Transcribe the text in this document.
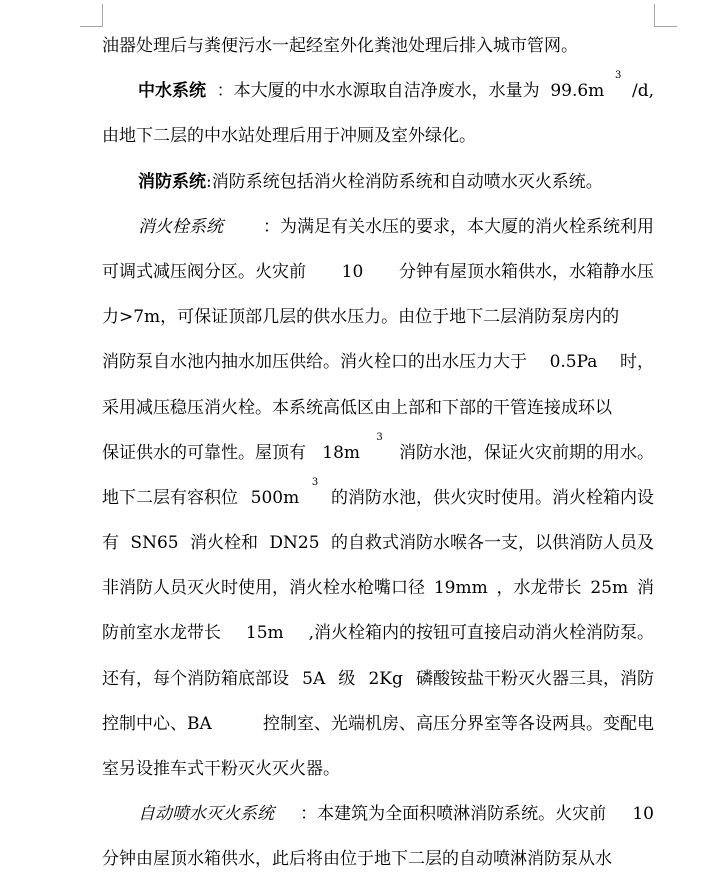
油器处理后与粪便污水一起经室外化粪池处理后排入城市管网。
中水系统 ：本大厦的中水水源取自洁净废水，水量为 99.6m
3
/d,
由地下二层的中水站处理后用于冲厕及室外绿化。
消防系统 :消防系统包括消火栓消防系统和自动喷水灭火系统。
消火栓系统 ：为满足有关水压的要求，本大厦的消火栓系统利用
可调式减压阀分区。火灾前 10 分钟有屋顶水箱供水，水箱静水压
力>7m，可保证顶部几层的供水压力。由位于地下二层消防泵房内的
消防泵自水池内抽水加压供给。消火栓口的出水压力大于 0.5Pa 时，
采用减压稳压消火栓。本系统高低区由上部和下部的干管连接成环以
保证供水的可靠性。屋顶有 18m
3
消防水池，保证火灾前期的用水。
地下二层有容积位 500m
3
的消防水池，供火灾时使用。消火栓箱内设
有 SN65 消火栓和 DN25 的自救式消防水喉各一支，以供消防人员及
非消防人员灭火时使用，消火栓水枪嘴口径 19mm ，水龙带长 25m 消
防前室水龙带长 15m ,消火栓箱内的按钮可直接启动消火栓消防泵。
还有，每个消防箱底部设 5A 级 2Kg 磷酸铵盐干粉灭火器三具，消防
控制中心、BA	控制室、光端机房、高压分界室等各设两具。变配电
室另设推车式干粉灭火灭火器。
自动喷水灭火系统 ：本建筑为全面积喷淋消防系统。火灾前 10
分钟由屋顶水箱供水，此后将由位于地下二层的自动喷淋消防泵从水
